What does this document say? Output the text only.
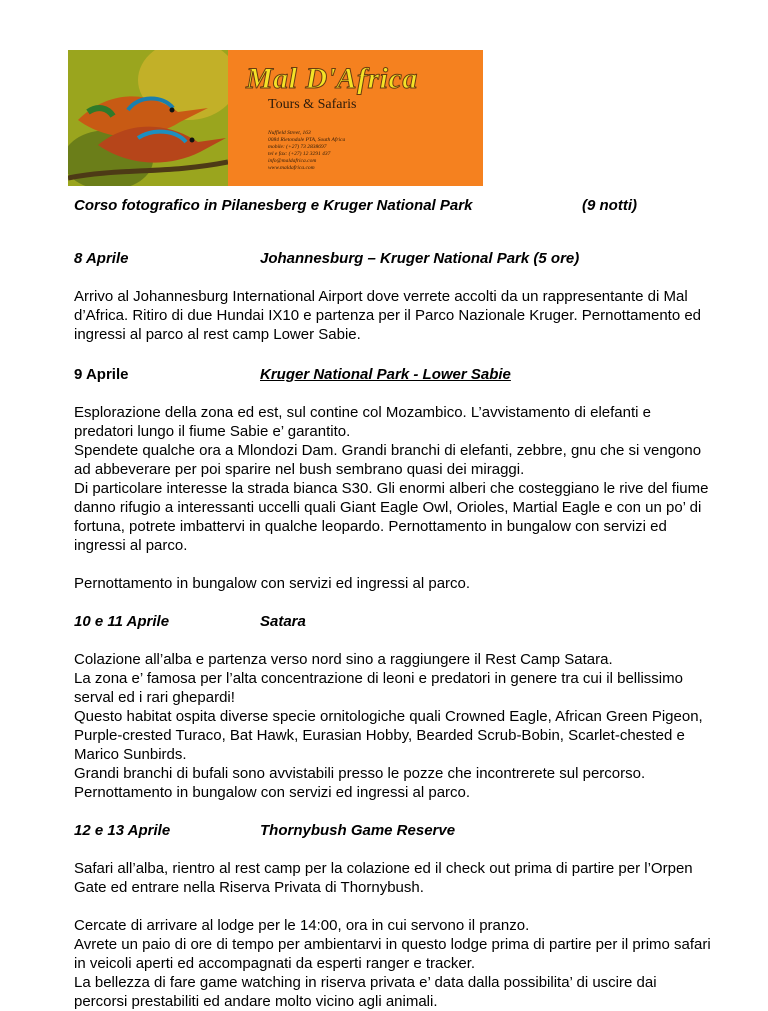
Mal D'Africa
Tours & Safaris
Nuffield Street, 163
0084 Rietondale PTA, South Africa
mobile: (+27) 73 2838697
tel e fax: (+27) 12 3291 437
info@maldafrica.com
www.maldafrica.com
Corso fotografico in Pilanesberg e Kruger National Park	(9 notti)
8 Aprile	Johannesburg – Kruger National Park (5 ore)

Arrivo al Johannesburg International Airport dove verrete accolti da un rappresentante di Mal d’Africa. Ritiro di due Hundai IX10 e partenza per il Parco Nazionale Kruger. Pernottamento ed ingressi al parco al rest camp Lower Sabie.

9 Aprile	Kruger National Park - Lower Sabie

Esplorazione della zona ed est, sul contine col Mozambico. L’avvistamento di elefanti e predatori lungo il fiume Sabie e’ garantito.

Spendete qualche ora a Mlondozi Dam. Grandi branchi di elefanti, zebbre, gnu che si vengono ad abbeverare per poi sparire nel bush sembrano quasi dei miraggi.

Di particolare interesse la strada bianca S30. Gli enormi alberi che costeggiano le rive del fiume danno rifugio a interessanti uccelli quali Giant Eagle Owl, Orioles, Martial Eagle e con un po’ di fortuna, potrete imbattervi in qualche leopardo. Pernottamento in bungalow con servizi ed ingressi al parco.

Pernottamento in bungalow con servizi ed ingressi al parco.

10 e 11 Aprile	Satara

Colazione all’alba e partenza verso nord sino a raggiungere il Rest Camp Satara.

La zona e’ famosa per l’alta concentrazione di leoni e predatori in genere tra cui il bellissimo serval ed i rari ghepardi!

Questo habitat ospita diverse specie ornitologiche quali Crowned Eagle, African Green Pigeon, Purple-crested Turaco, Bat Hawk, Eurasian Hobby, Bearded Scrub-Bobin, Scarlet-chested e Marico Sunbirds.

Grandi branchi di bufali sono avvistabili presso le pozze che incontrerete sul percorso. Pernottamento in bungalow con servizi ed ingressi al parco.

12 e 13 Aprile	Thornybush Game Reserve

Safari all’alba, rientro al rest camp per la colazione ed il check out prima di partire per l’Orpen Gate ed entrare nella Riserva Privata di Thornybush.

Cercate di arrivare al lodge per le 14:00, ora in cui servono il pranzo.

Avrete un paio di ore di tempo per ambientarvi in questo lodge prima di partire per il primo safari in veicoli aperti ed accompagnati da esperti ranger e tracker.

La bellezza di fare game watching in riserva privata e’ data dalla possibilita’ di uscire dai percorsi prestabiliti ed andare molto vicino agli animali.
